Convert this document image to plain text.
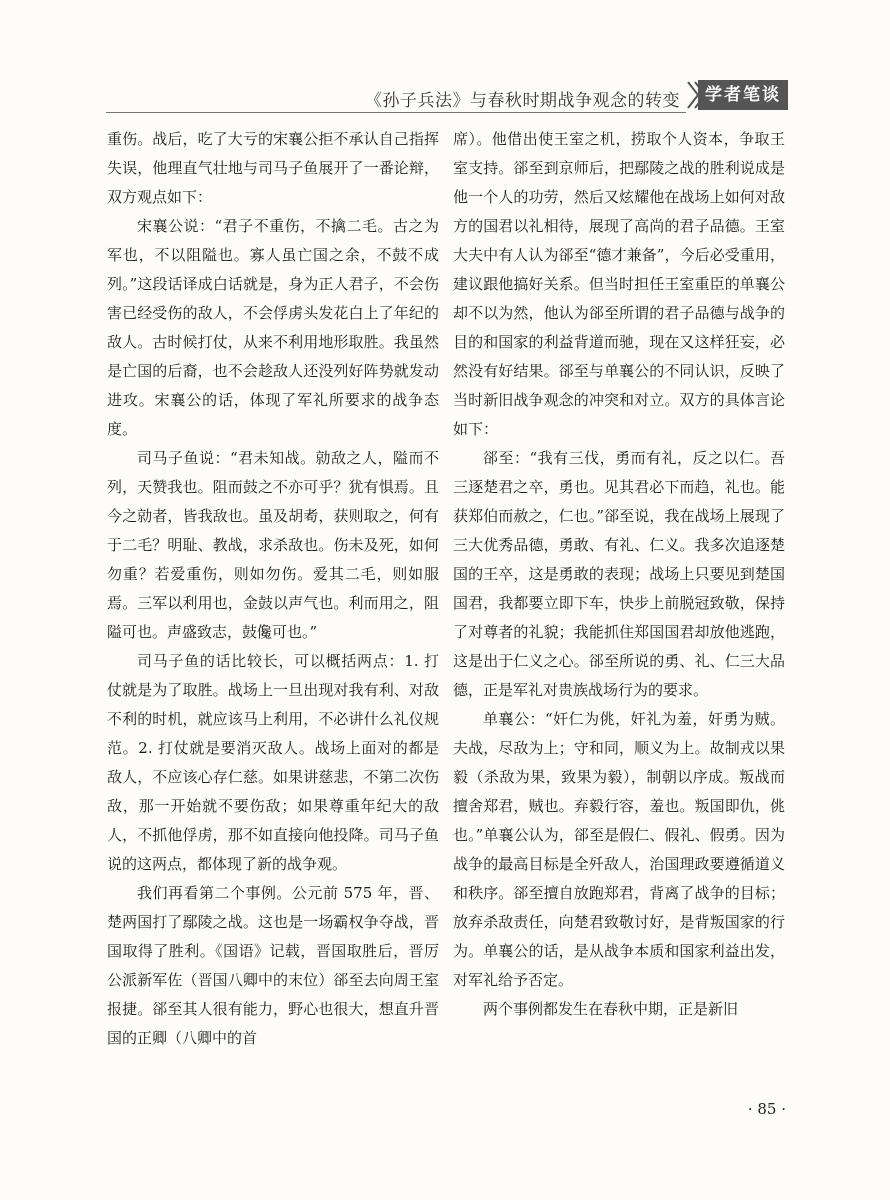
《孙子兵法》与春秋时期战争观念的转变	学者笔谈

重伤。战后，吃了大亏的宋襄公拒不承认自己指挥失误，他理直气壮地与司马子鱼展开了一番论辩，双方观点如下：

宋襄公说：“君子不重伤，不擒二毛。古之为军也，不以阻隘也。寡人虽亡国之余，不鼓不成列。”这段话译成白话就是，身为正人君子，不会伤害已经受伤的敌人，不会俘虏头发花白上了年纪的敌人。古时候打仗，从来不利用地形取胜。我虽然是亡国的后裔，也不会趁敌人还没列好阵势就发动进攻。宋襄公的话，体现了军礼所要求的战争态度。

司马子鱼说：“君未知战。勍敌之人，隘而不列，天赞我也。阻而鼓之不亦可乎？犹有惧焉。且今之勍者，皆我敌也。虽及胡耇，获则取之，何有于二毛？明耻、教战，求杀敌也。伤未及死，如何勿重？若爱重伤，则如勿伤。爱其二毛，则如服焉。三军以利用也，金鼓以声气也。利而用之，阻隘可也。声盛致志，鼓儳可也。”

司马子鱼的话比较长，可以概括两点：1. 打仗就是为了取胜。战场上一旦出现对我有利、对敌不利的时机，就应该马上利用，不必讲什么礼仪规范。2. 打仗就是要消灭敌人。战场上面对的都是敌人，不应该心存仁慈。如果讲慈悲，不第二次伤敌，那一开始就不要伤敌；如果尊重年纪大的敌人，不抓他俘虏，那不如直接向他投降。司马子鱼说的这两点，都体现了新的战争观。

我们再看第二个事例。公元前 575 年，晋、楚两国打了鄢陵之战。这也是一场霸权争夺战，晋国取得了胜利。《国语》记载，晋国取胜后，晋厉公派新军佐（晋国八卿中的末位）郤至去向周王室报捷。郤至其人很有能力，野心也很大，想直升晋国的正卿（八卿中的首

席）。他借出使王室之机，捞取个人资本，争取王室支持。郤至到京师后，把鄢陵之战的胜利说成是他一个人的功劳，然后又炫耀他在战场上如何对敌方的国君以礼相待，展现了高尚的君子品德。王室大夫中有人认为郤至“德才兼备”，今后必受重用，建议跟他搞好关系。但当时担任王室重臣的单襄公却不以为然，他认为郤至所谓的君子品德与战争的目的和国家的利益背道而驰，现在又这样狂妄，必然没有好结果。郤至与单襄公的不同认识，反映了当时新旧战争观念的冲突和对立。双方的具体言论如下：

郤至：“我有三伐，勇而有礼，反之以仁。吾三逐楚君之卒，勇也。见其君必下而趋，礼也。能获郑伯而赦之，仁也。”郤至说，我在战场上展现了三大优秀品德，勇敢、有礼、仁义。我多次追逐楚国的王卒，这是勇敢的表现；战场上只要见到楚国国君，我都要立即下车，快步上前脱冠致敬，保持了对尊者的礼貌；我能抓住郑国国君却放他逃跑，这是出于仁义之心。郤至所说的勇、礼、仁三大品德，正是军礼对贵族战场行为的要求。

单襄公：“奸仁为佻，奸礼为羞，奸勇为贼。夫战，尽敌为上；守和同，顺义为上。故制戎以果毅（杀敌为果，致果为毅），制朝以序成。叛战而擅舍郑君，贼也。弃毅行容，羞也。叛国即仇，佻也。”单襄公认为，郤至是假仁、假礼、假勇。因为战争的最高目标是全歼敌人，治国理政要遵循道义和秩序。郤至擅自放跑郑君，背离了战争的目标；放弃杀敌责任，向楚君致敬讨好，是背叛国家的行为。单襄公的话，是从战争本质和国家利益出发，对军礼给予否定。

两个事例都发生在春秋中期，正是新旧

· 85 ·
